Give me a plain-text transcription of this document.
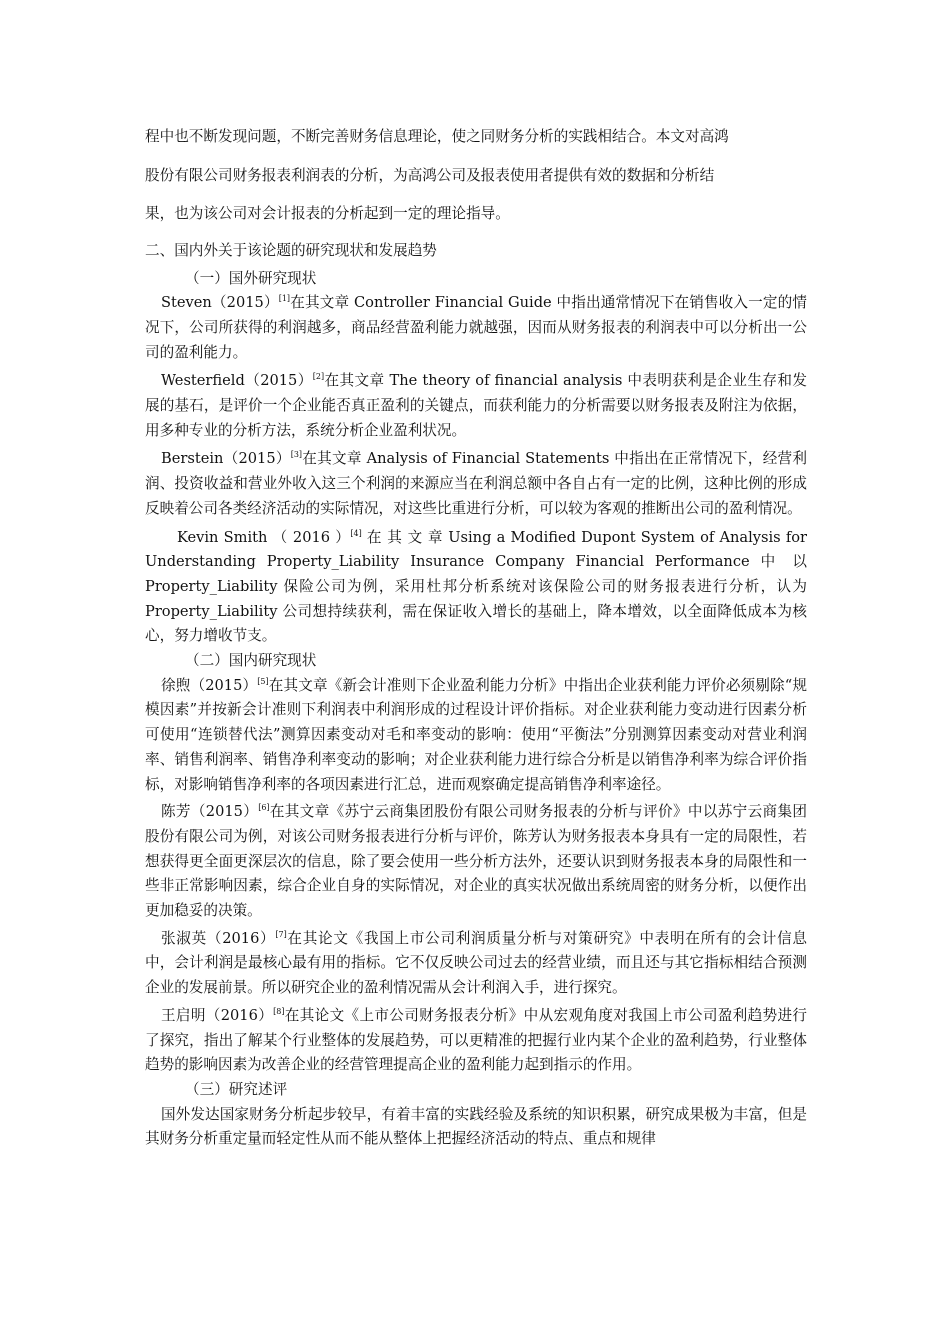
程中也不断发现问题，不断完善财务信息理论，使之同财务分析的实践相结合。本文对高鸿

股份有限公司财务报表利润表的分析，为高鸿公司及报表使用者提供有效的数据和分析结

果，也为该公司对会计报表的分析起到一定的理论指导。

二、国内外关于该论题的研究现状和发展趋势

（一）国外研究现状

Steven（2015）[1]在其文章 Controller Financial Guide 中指出通常情况下在销售收入一定的情况下，公司所获得的利润越多，商品经营盈利能力就越强，因而从财务报表的利润表中可以分析出一公司的盈利能力。

Westerfield（2015）[2]在其文章 The theory of financial analysis 中表明获利是企业生存和发展的基石，是评价一个企业能否真正盈利的关键点，而获利能力的分析需要以财务报表及附注为依据，用多种专业的分析方法，系统分析企业盈利状况。

Berstein（2015）[3]在其文章 Analysis of Financial Statements 中指出在正常情况下，经营利润、投资收益和营业外收入这三个利润的来源应当在利润总额中各自占有一定的比例，这种比例的形成反映着公司各类经济活动的实际情况，对这些比重进行分析，可以较为客观的推断出公司的盈利情况。

Kevin Smith （ 2016 ）[4] 在 其 文 章 Using a Modified Dupont System of Analysis for Understanding Property_Liability Insurance Company Financial Performance 中 以 Property_Liability 保险公司为例，采用杜邦分析系统对该保险公司的财务报表进行分析，认为 Property_Liability 公司想持续获利，需在保证收入增长的基础上，降本增效，以全面降低成本为核心，努力增收节支。

（二）国内研究现状

徐煦（2015）[5]在其文章《新会计准则下企业盈利能力分析》中指出企业获利能力评价必须剔除“规模因素”并按新会计准则下利润表中利润形成的过程设计评价指标。对企业获利能力变动进行因素分析可使用“连锁替代法”测算因素变动对毛和率变动的影响：使用“平衡法”分别测算因素变动对营业利润率、销售利润率、销售净利率变动的影响；对企业获利能力进行综合分析是以销售净利率为综合评价指标，对影响销售净利率的各项因素进行汇总，进而观察确定提高销售净利率途径。

陈芳（2015）[6]在其文章《苏宁云商集团股份有限公司财务报表的分析与评价》中以苏宁云商集团股份有限公司为例，对该公司财务报表进行分析与评价，陈芳认为财务报表本身具有一定的局限性，若想获得更全面更深层次的信息，除了要会使用一些分析方法外，还要认识到财务报表本身的局限性和一些非正常影响因素，综合企业自身的实际情况，对企业的真实状况做出系统周密的财务分析，以便作出更加稳妥的决策。

张淑英（2016）[7]在其论文《我国上市公司利润质量分析与对策研究》中表明在所有的会计信息中，会计利润是最核心最有用的指标。它不仅反映公司过去的经营业绩，而且还与其它指标相结合预测企业的发展前景。所以研究企业的盈利情况需从会计利润入手，进行探究。

王启明（2016）[8]在其论文《上市公司财务报表分析》中从宏观角度对我国上市公司盈利趋势进行了探究，指出了解某个行业整体的发展趋势，可以更精准的把握行业内某个企业的盈利趋势，行业整体趋势的影响因素为改善企业的经营管理提高企业的盈利能力起到指示的作用。

（三）研究述评

国外发达国家财务分析起步较早，有着丰富的实践经验及系统的知识积累，研究成果极为丰富，但是其财务分析重定量而轻定性从而不能从整体上把握经济活动的特点、重点和规律
